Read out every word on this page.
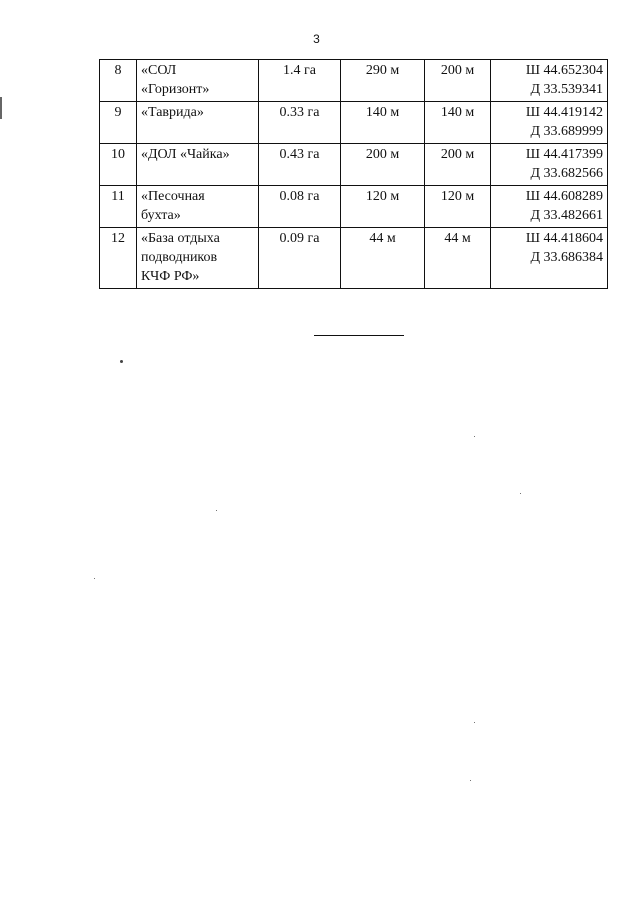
3
8	«СОЛ
«Горизонт»	1.4 га	290 м	200 м	Ш 44.652304
Д 33.539341

9	«Таврида»	0.33 га	140 м	140 м	Ш 44.419142
Д 33.689999

10	«ДОЛ «Чайка»	0.43 га	200 м	200 м	Ш 44.417399
Д 33.682566

11	«Песочная
бухта»	0.08 га	120 м	120 м	Ш 44.608289
Д 33.482661

12	«База отдыха
подводников
КЧФ РФ»	0.09 га	44 м	44 м	Ш 44.418604
Д 33.686384
